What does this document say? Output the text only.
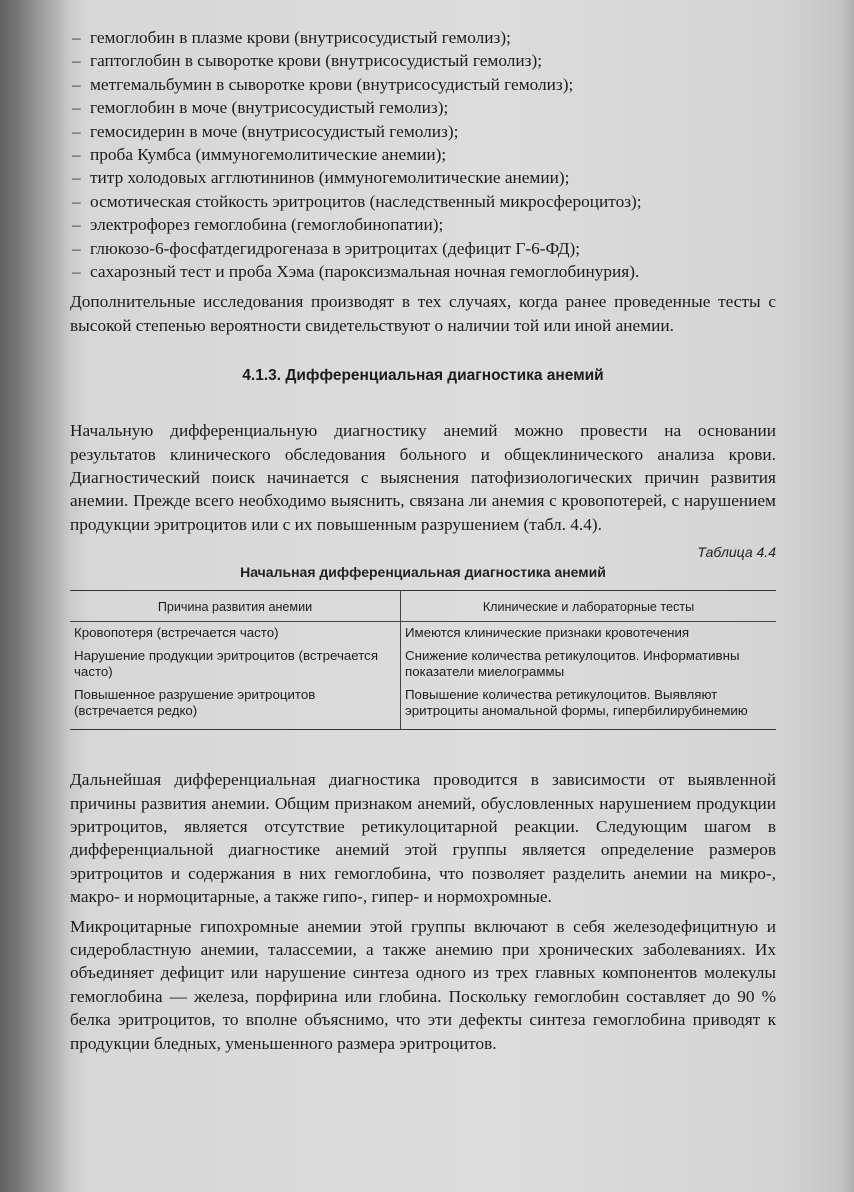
– гемоглобин в плазме крови (внутрисосудистый гемолиз);
– гаптоглобин в сыворотке крови (внутрисосудистый гемолиз);
– метгемальбумин в сыворотке крови (внутрисосудистый гемолиз);
– гемоглобин в моче (внутрисосудистый гемолиз);
– гемосидерин в моче (внутрисосудистый гемолиз);
– проба Кумбса (иммуногемолитические анемии);
– титр холодовых агглютининов (иммуногемолитические анемии);
– осмотическая стойкость эритроцитов (наследственный микросфероцитоз);
– электрофорез гемоглобина (гемоглобинопатии);
– глюкозо-6-фосфатдегидрогеназа в эритроцитах (дефицит Г-6-ФД);
– сахарозный тест и проба Хэма (пароксизмальная ночная гемоглобинурия).

Дополнительные исследования производят в тех случаях, когда ранее проведенные тесты с высокой степенью вероятности свидетельствуют о наличии той или иной анемии.

4.1.3. Дифференциальная диагностика анемий

Начальную дифференциальную диагностику анемий можно провести на основании результатов клинического обследования больного и общеклинического анализа крови. Диагностический поиск начинается с выяснения патофизиологических причин развития анемии. Прежде всего необходимо выяснить, связана ли анемия с кровопотерей, с нарушением продукции эритроцитов или с их повышенным разрушением (табл. 4.4).

Таблица 4.4

Начальная дифференциальная диагностика анемий

Причина развития анемии	Клинические и лабораторные тесты
Кровопотеря (встречается часто)	Имеются клинические признаки кровотечения
Нарушение продукции эритроцитов (встречается часто)	Снижение количества ретикулоцитов. Информативны показатели миелограммы
Повышенное разрушение эритроцитов (встречается редко)	Повышение количества ретикулоцитов. Выявляют эритроциты аномальной формы, гипербилирубинемию

Дальнейшая дифференциальная диагностика проводится в зависимости от выявленной причины развития анемии. Общим признаком анемий, обусловленных нарушением продукции эритроцитов, является отсутствие ретикулоцитарной реакции. Следующим шагом в дифференциальной диагностике анемий этой группы является определение размеров эритроцитов и содержания в них гемоглобина, что позволяет разделить анемии на микро-, макро- и нормоцитарные, а также гипо-, гипер- и нормохромные.

Микроцитарные гипохромные анемии этой группы включают в себя железодефицитную и сидеробластную анемии, талассемии, а также анемию при хронических заболеваниях. Их объединяет дефицит или нарушение синтеза одного из трех главных компонентов молекулы гемоглобина — железа, порфирина или глобина. Поскольку гемоглобин составляет до 90 % белка эритроцитов, то вполне объяснимо, что эти дефекты синтеза гемоглобина приводят к продукции бледных, уменьшенного размера эритроцитов.
